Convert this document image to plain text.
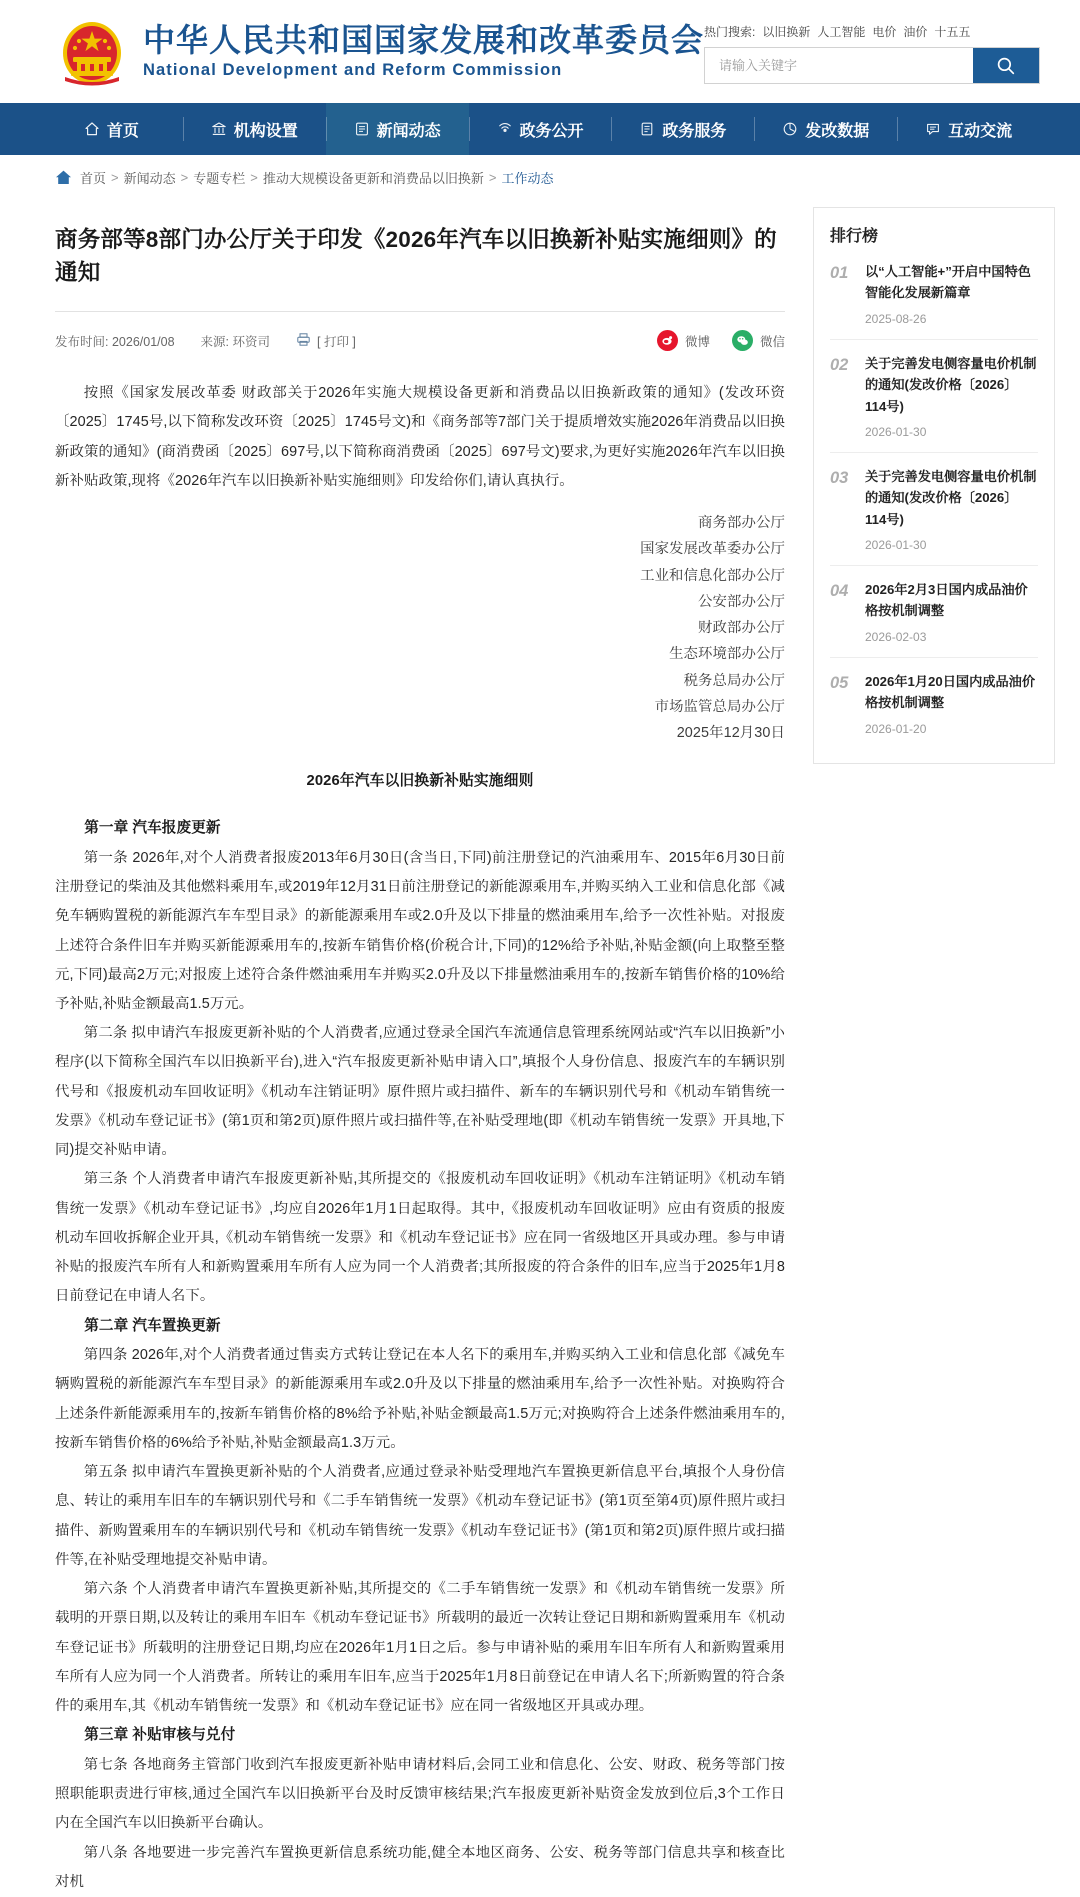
中华人民共和国国家发展和改革委员会
National Development and Reform Commission
热门搜索: 以旧换新 人工智能 电价 油价 十五五
请输入关键字
首页	机构设置	新闻动态	政务公开	政务服务	发改数据	互动交流
首页 > 新闻动态 > 专题专栏 > 推动大规模设备更新和消费品以旧换新 > 工作动态
商务部等8部门办公厅关于印发《2026年汽车以旧换新补贴实施细则》的通知
发布时间: 2026/01/08 来源: 环资司	[ 打印 ]	微博	微信

按照《国家发展改革委 财政部关于2026年实施大规模设备更新和消费品以旧换新政策的通知》(发改环资〔2025〕1745号,以下简称发改环资〔2025〕1745号文)和《商务部等7部门关于提质增效实施2026年消费品以旧换新政策的通知》(商消费函〔2025〕697号,以下简称商消费函〔2025〕697号文)要求,为更好实施2026年汽车以旧换新补贴政策,现将《2026年汽车以旧换新补贴实施细则》印发给你们,请认真执行。

商务部办公厅
国家发展改革委办公厅
工业和信息化部办公厅
公安部办公厅
财政部办公厅
生态环境部办公厅
税务总局办公厅
市场监管总局办公厅
2025年12月30日
2026年汽车以旧换新补贴实施细则
第一章 汽车报废更新

第一条 2026年,对个人消费者报废2013年6月30日(含当日,下同)前注册登记的汽油乘用车、2015年6月30日前注册登记的柴油及其他燃料乘用车,或2019年12月31日前注册登记的新能源乘用车,并购买纳入工业和信息化部《减免车辆购置税的新能源汽车车型目录》的新能源乘用车或2.0升及以下排量的燃油乘用车,给予一次性补贴。对报废上述符合条件旧车并购买新能源乘用车的,按新车销售价格(价税合计,下同)的12%给予补贴,补贴金额(向上取整至整元,下同)最高2万元;对报废上述符合条件燃油乘用车并购买2.0升及以下排量燃油乘用车的,按新车销售价格的10%给予补贴,补贴金额最高1.5万元。

第二条 拟申请汽车报废更新补贴的个人消费者,应通过登录全国汽车流通信息管理系统网站或“汽车以旧换新”小程序(以下简称全国汽车以旧换新平台),进入“汽车报废更新补贴申请入口”,填报个人身份信息、报废汽车的车辆识别代号和《报废机动车回收证明》《机动车注销证明》原件照片或扫描件、新车的车辆识别代号和《机动车销售统一发票》《机动车登记证书》(第1页和第2页)原件照片或扫描件等,在补贴受理地(即《机动车销售统一发票》开具地,下同)提交补贴申请。

第三条 个人消费者申请汽车报废更新补贴,其所提交的《报废机动车回收证明》《机动车注销证明》《机动车销售统一发票》《机动车登记证书》,均应自2026年1月1日起取得。其中,《报废机动车回收证明》应由有资质的报废机动车回收拆解企业开具,《机动车销售统一发票》和《机动车登记证书》应在同一省级地区开具或办理。参与申请补贴的报废汽车所有人和新购置乘用车所有人应为同一个人消费者;其所报废的符合条件的旧车,应当于2025年1月8日前登记在申请人名下。

第二章 汽车置换更新

第四条 2026年,对个人消费者通过售卖方式转让登记在本人名下的乘用车,并购买纳入工业和信息化部《减免车辆购置税的新能源汽车车型目录》的新能源乘用车或2.0升及以下排量的燃油乘用车,给予一次性补贴。对换购符合上述条件新能源乘用车的,按新车销售价格的8%给予补贴,补贴金额最高1.5万元;对换购符合上述条件燃油乘用车的,按新车销售价格的6%给予补贴,补贴金额最高1.3万元。

第五条 拟申请汽车置换更新补贴的个人消费者,应通过登录补贴受理地汽车置换更新信息平台,填报个人身份信息、转让的乘用车旧车的车辆识别代号和《二手车销售统一发票》《机动车登记证书》(第1页至第4页)原件照片或扫描件、新购置乘用车的车辆识别代号和《机动车销售统一发票》《机动车登记证书》(第1页和第2页)原件照片或扫描件等,在补贴受理地提交补贴申请。

第六条 个人消费者申请汽车置换更新补贴,其所提交的《二手车销售统一发票》和《机动车销售统一发票》所载明的开票日期,以及转让的乘用车旧车《机动车登记证书》所载明的最近一次转让登记日期和新购置乘用车《机动车登记证书》所载明的注册登记日期,均应在2026年1月1日之后。参与申请补贴的乘用车旧车所有人和新购置乘用车所有人应为同一个人消费者。所转让的乘用车旧车,应当于2025年1月8日前登记在申请人名下;所新购置的符合条件的乘用车,其《机动车销售统一发票》和《机动车登记证书》应在同一省级地区开具或办理。

第三章 补贴审核与兑付

第七条 各地商务主管部门收到汽车报废更新补贴申请材料后,会同工业和信息化、公安、财政、税务等部门按照职能职责进行审核,通过全国汽车以旧换新平台及时反馈审核结果;汽车报废更新补贴资金发放到位后,3个工作日内在全国汽车以旧换新平台确认。

第八条 各地要进一步完善汽车置换更新信息系统功能,健全本地区商务、公安、税务等部门信息共享和核查比对机

排行榜
01	以“人工智能+”开启中国特色智能化发展新篇章
2025-08-26
02	关于完善发电侧容量电价机制的通知(发改价格〔2026〕114号)
2026-01-30
03	关于完善发电侧容量电价机制的通知(发改价格〔2026〕114号)
2026-01-30
04	2026年2月3日国内成品油价格按机制调整
2026-02-03
05	2026年1月20日国内成品油价格按机制调整
2026-01-20
